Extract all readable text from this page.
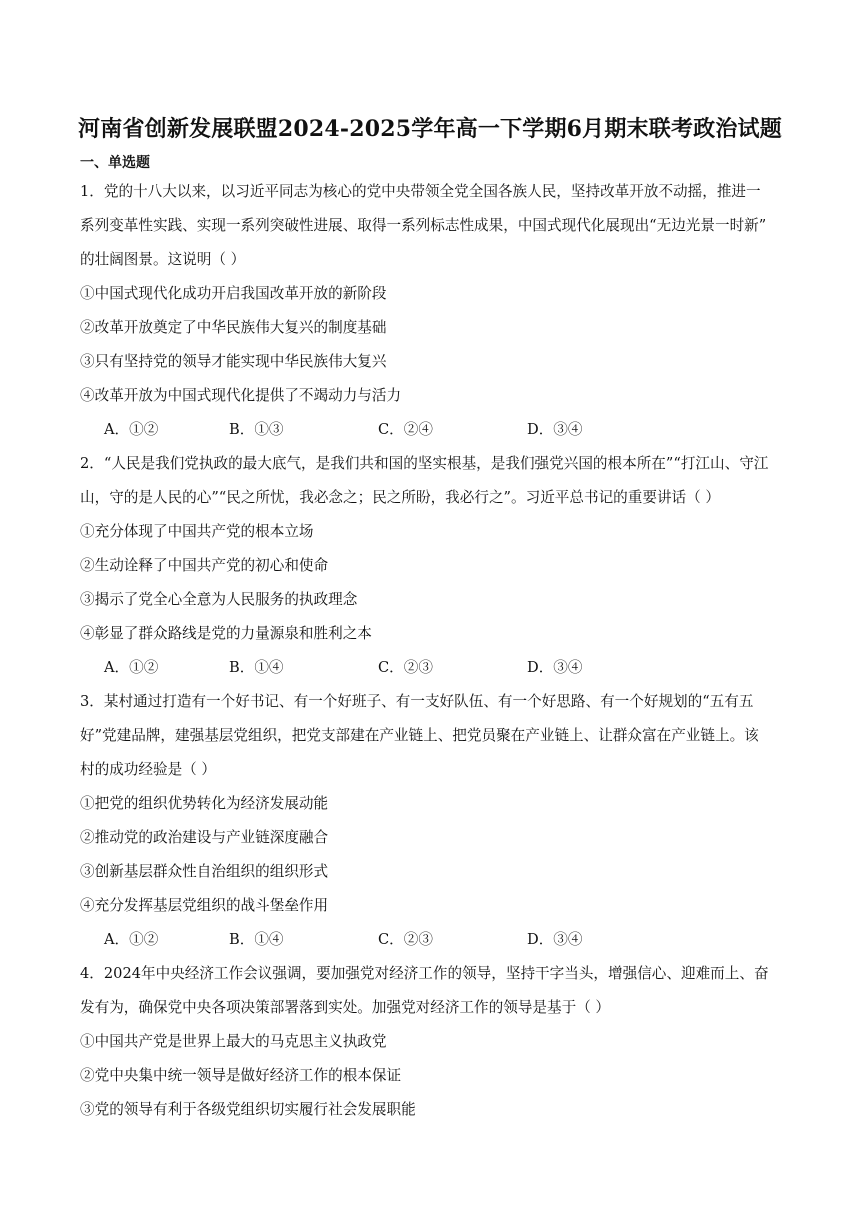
河南省创新发展联盟2024-2025学年高一下学期6月期末联考政治试题
一、单选题
1．党的十八大以来，以习近平同志为核心的党中央带领全党全国各族人民，坚持改革开放不动摇，推进一
系列变革性实践、实现一系列突破性进展、取得一系列标志性成果，中国式现代化展现出“无边光景一时新”
的壮阔图景。这说明（ ）
①中国式现代化成功开启我国改革开放的新阶段
②改革开放奠定了中华民族伟大复兴的制度基础
③只有坚持党的领导才能实现中华民族伟大复兴
④改革开放为中国式现代化提供了不竭动力与活力
A．①②	B．①③	C．②④	D．③④
2．“人民是我们党执政的最大底气，是我们共和国的坚实根基，是我们强党兴国的根本所在”“打江山、守江
山，守的是人民的心”“民之所忧，我必念之；民之所盼，我必行之”。习近平总书记的重要讲话（ ）
①充分体现了中国共产党的根本立场
②生动诠释了中国共产党的初心和使命
③揭示了党全心全意为人民服务的执政理念
④彰显了群众路线是党的力量源泉和胜利之本
A．①②	B．①④	C．②③	D．③④
3．某村通过打造有一个好书记、有一个好班子、有一支好队伍、有一个好思路、有一个好规划的“五有五
好”党建品牌，建强基层党组织，把党支部建在产业链上、把党员聚在产业链上、让群众富在产业链上。该
村的成功经验是（ ）
①把党的组织优势转化为经济发展动能
②推动党的政治建设与产业链深度融合
③创新基层群众性自治组织的组织形式
④充分发挥基层党组织的战斗堡垒作用
A．①②	B．①④	C．②③	D．③④
4．2024年中央经济工作会议强调，要加强党对经济工作的领导，坚持干字当头，增强信心、迎难而上、奋
发有为，确保党中央各项决策部署落到实处。加强党对经济工作的领导是基于（ ）
①中国共产党是世界上最大的马克思主义执政党
②党中央集中统一领导是做好经济工作的根本保证
③党的领导有利于各级党组织切实履行社会发展职能
